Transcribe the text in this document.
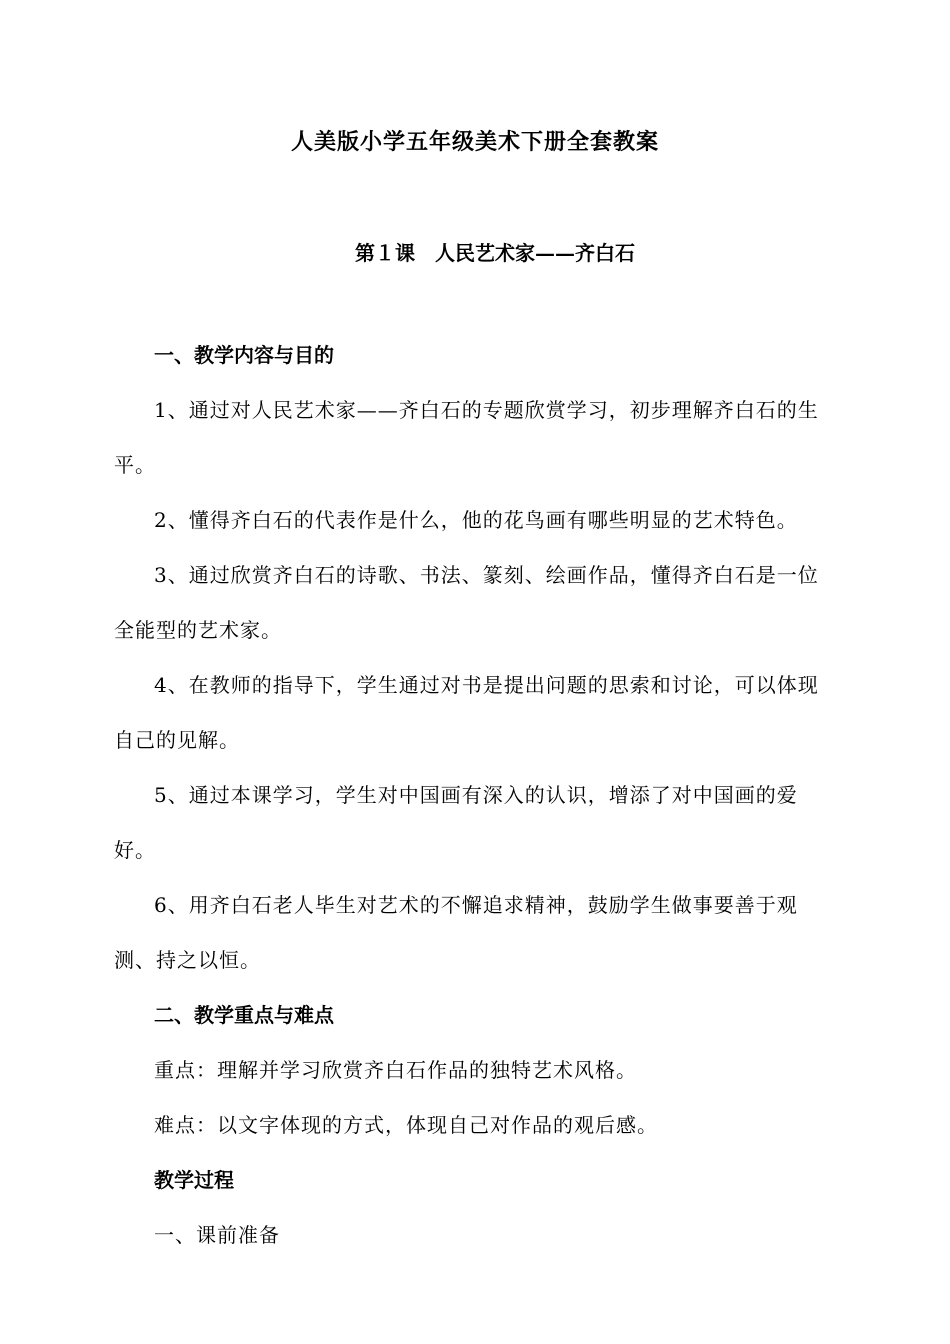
人美版小学五年级美术下册全套教案
第１课　人民艺术家——齐白石
一、教学内容与目的

1、通过对人民艺术家——齐白石的专题欣赏学习，初步理解齐白石的生平。

2、懂得齐白石的代表作是什么，他的花鸟画有哪些明显的艺术特色。

3、通过欣赏齐白石的诗歌、书法、篆刻、绘画作品，懂得齐白石是一位全能型的艺术家。

4、在教师的指导下，学生通过对书是提出问题的思索和讨论，可以体现自己的见解。

5、通过本课学习，学生对中国画有深入的认识，增添了对中国画的爱好。

6、用齐白石老人毕生对艺术的不懈追求精神，鼓励学生做事要善于观测、持之以恒。

二、教学重点与难点

重点：理解并学习欣赏齐白石作品的独特艺术风格。

难点：以文字体现的方式，体现自己对作品的观后感。

教学过程

一、课前准备
